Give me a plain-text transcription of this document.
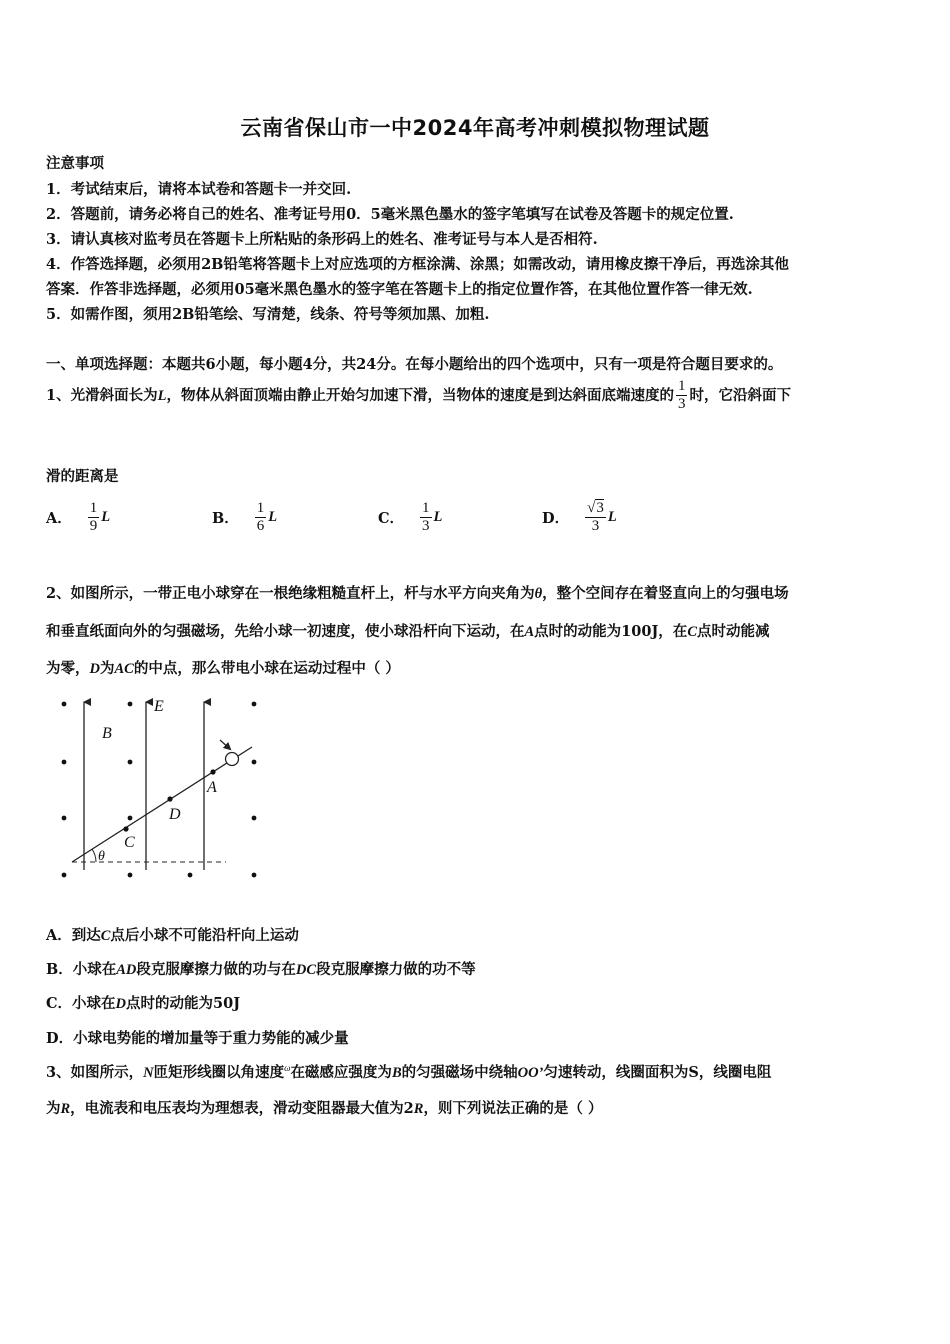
云南省保山市一中2024年高考冲刺模拟物理试题
注意事项
1．考试结束后，请将本试卷和答题卡一并交回.
2．答题前，请务必将自己的姓名、准考证号用0．5毫米黑色墨水的签字笔填写在试卷及答题卡的规定位置.
3．请认真核对监考员在答题卡上所粘贴的条形码上的姓名、准考证号与本人是否相符.
4．作答选择题，必须用2B铅笔将答题卡上对应选项的方框涂满、涂黑；如需改动，请用橡皮擦干净后，再选涂其他
答案．作答非选择题，必须用05毫米黑色墨水的签字笔在答题卡上的指定位置作答，在其他位置作答一律无效.
5．如需作图，须用2B铅笔绘、写清楚，线条、符号等须加黑、加粗.
一、单项选择题：本题共6小题，每小题4分，共24分。在每小题给出的四个选项中，只有一项是符合题目要求的。
1、光滑斜面长为L，物体从斜面顶端由静止开始匀加速下滑，当物体的速度是到达斜面底端速度的 $\frac{1}{3}$ 时，它沿斜面下
滑的距离是
A． $\frac{1}{9}$ L	B． $\frac{1}{6}$ L	C． $\frac{1}{3}$ L	D． $\frac{√3}{3}$ L
2、如图所示，一带正电小球穿在一根绝缘粗糙直杆上，杆与水平方向夹角为θ，整个空间存在着竖直向上的匀强电场
和垂直纸面向外的匀强磁场，先给小球一初速度，使小球沿杆向下运动，在A点时的动能为100J，在C点时动能减
为零，D为AC的中点，那么带电小球在运动过程中（ ）
B
E
A
D
C
θ
A．到达C点后小球不可能沿杆向上运动
B．小球在AD段克服摩擦力做的功与在DC段克服摩擦力做的功不等
C．小球在D点时的动能为50J
D．小球电势能的增加量等于重力势能的减少量
3、如图所示，N匝矩形线圈以角速度$^\omega$在磁感应强度为B的匀强磁场中绕轴OO’匀速转动，线圈面积为S，线圈电阻
为R，电流表和电压表均为理想表，滑动变阻器最大值为2R，则下列说法正确的是（ ）
